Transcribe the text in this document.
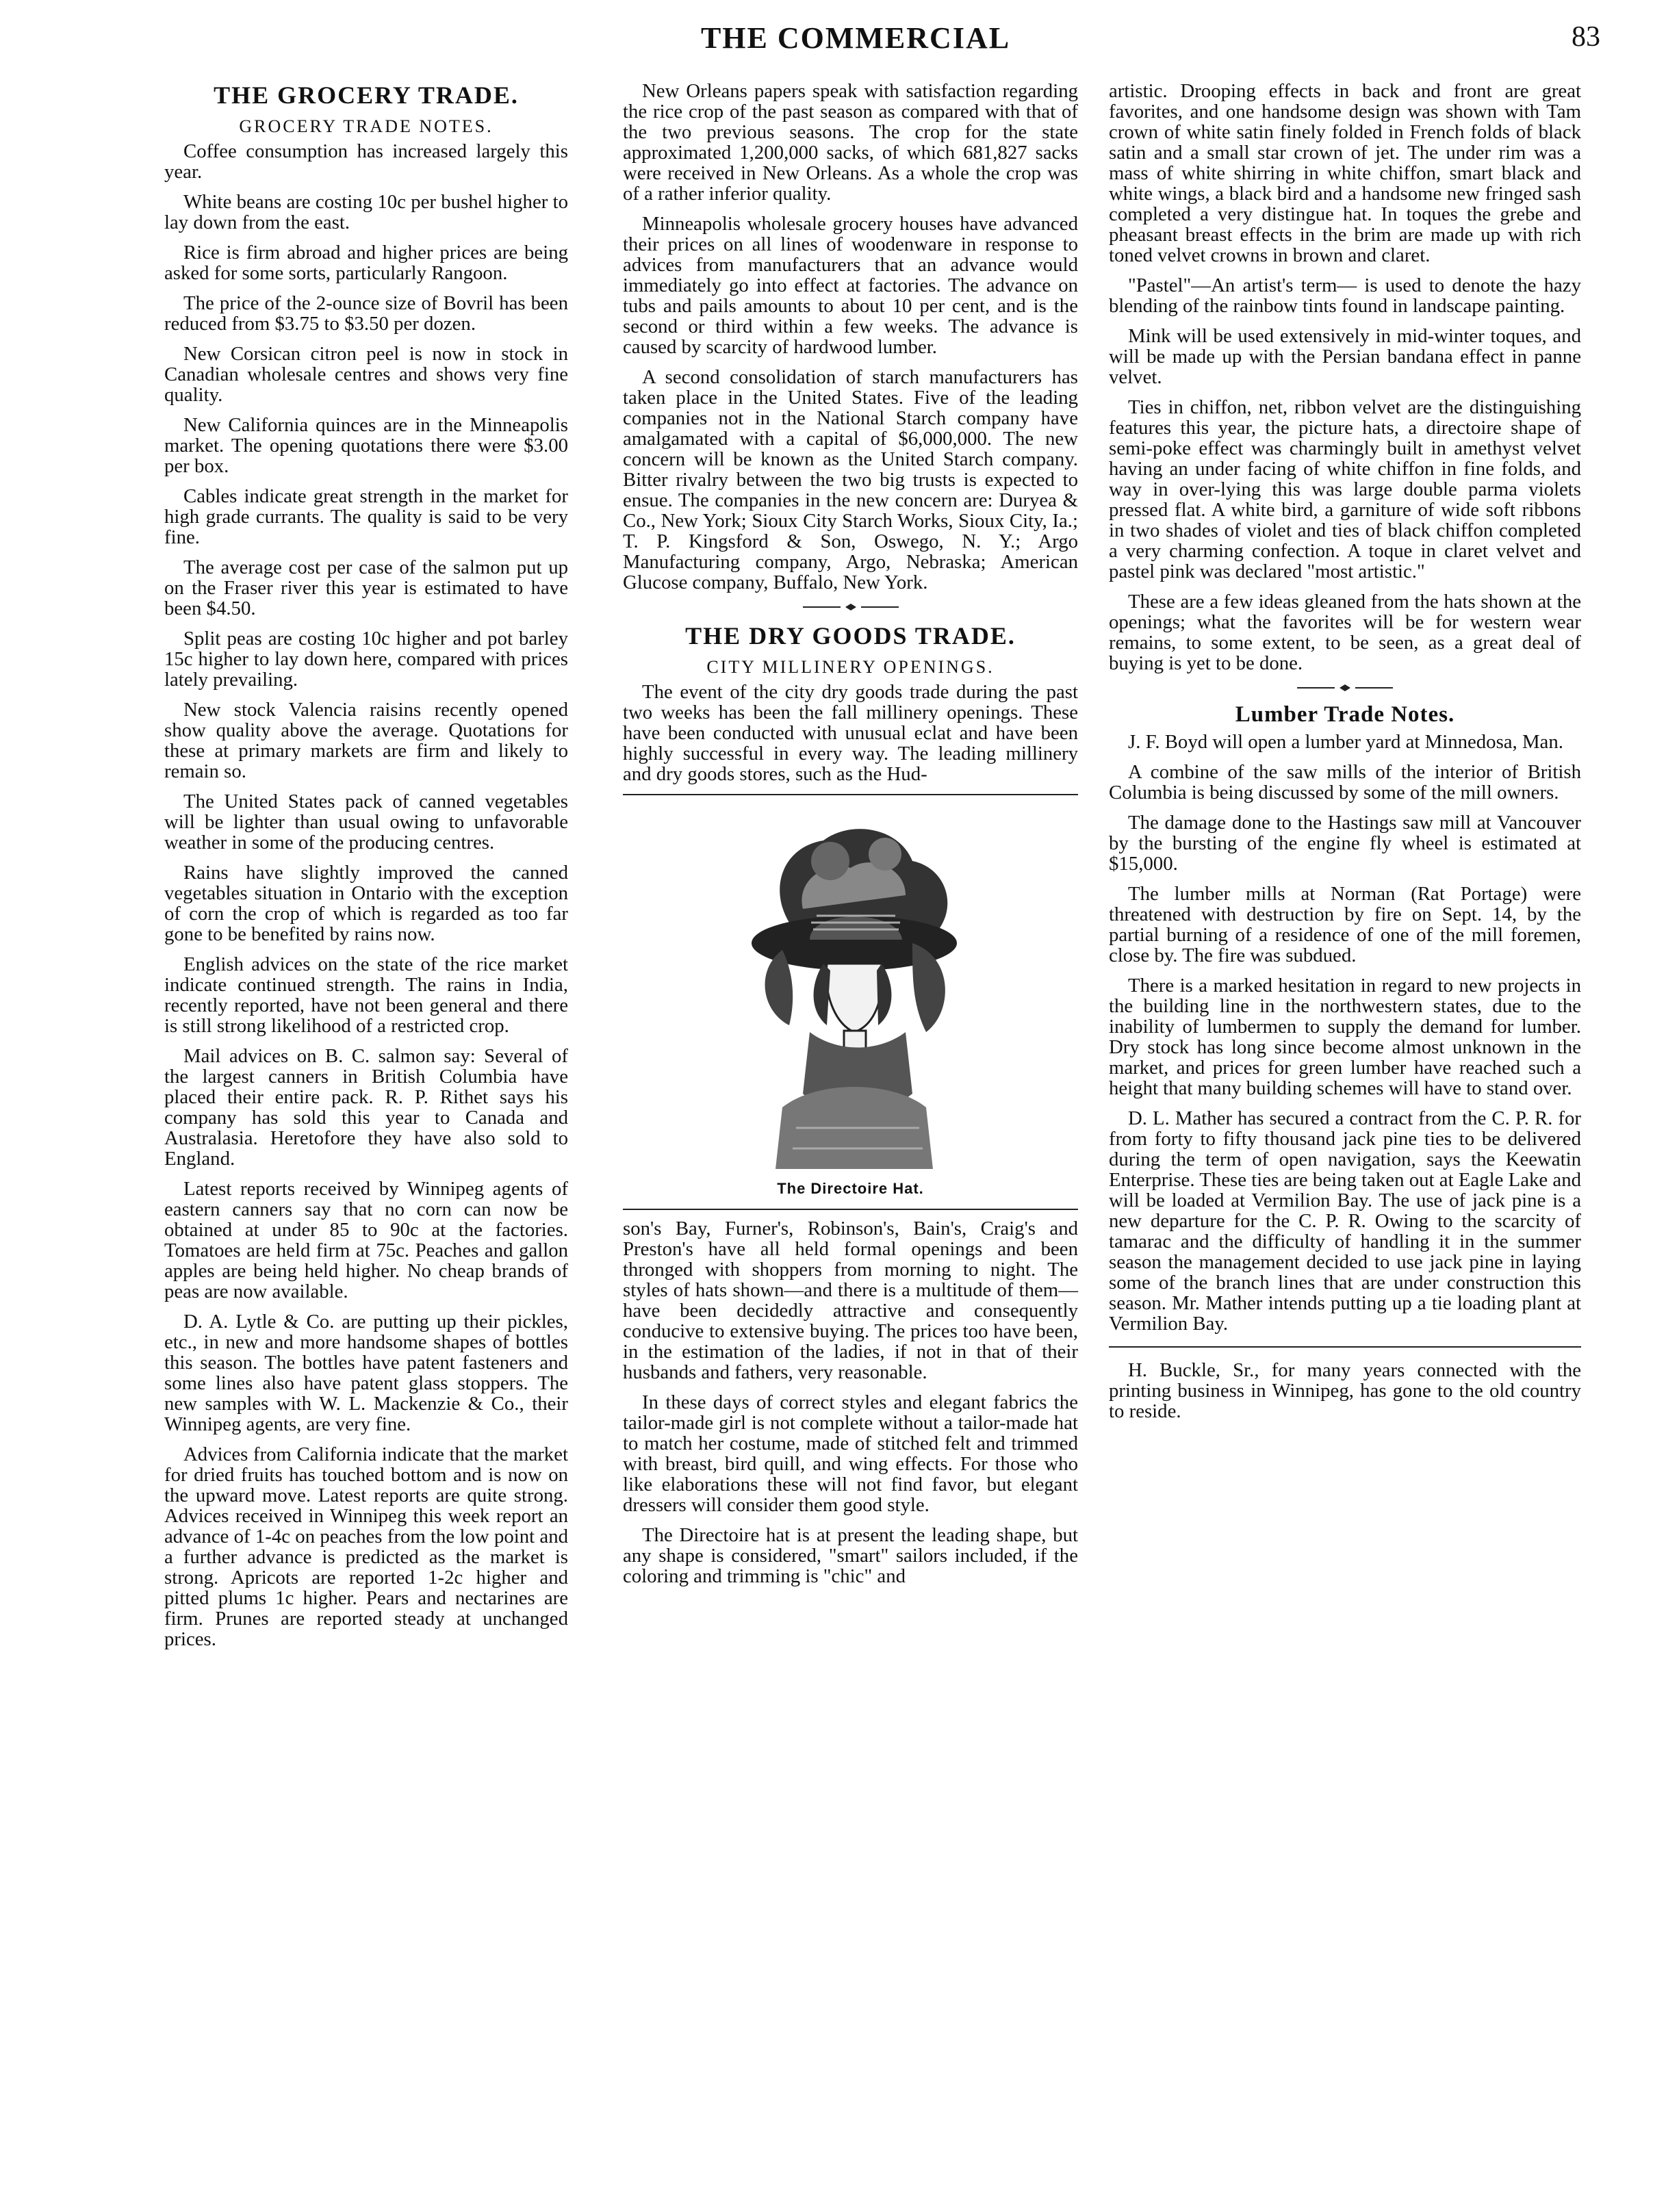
THE COMMERCIAL	83
THE GROCERY TRADE.
GROCERY TRADE NOTES.

Coffee consumption has increased largely this year.

White beans are costing 10c per bushel higher to lay down from the east.

Rice is firm abroad and higher prices are being asked for some sorts, particularly Rangoon.

The price of the 2-ounce size of Bovril has been reduced from $3.75 to $3.50 per dozen.

New Corsican citron peel is now in stock in Canadian wholesale centres and shows very fine quality.

New California quinces are in the Minneapolis market. The opening quotations there were $3.00 per box.

Cables indicate great strength in the market for high grade currants. The quality is said to be very fine.

The average cost per case of the salmon put up on the Fraser river this year is estimated to have been $4.50.

Split peas are costing 10c higher and pot barley 15c higher to lay down here, compared with prices lately prevailing.

New stock Valencia raisins recently opened show quality above the average. Quotations for these at primary markets are firm and likely to remain so.

The United States pack of canned vegetables will be lighter than usual owing to unfavorable weather in some of the producing centres.

Rains have slightly improved the canned vegetables situation in Ontario with the exception of corn the crop of which is regarded as too far gone to be benefited by rains now.

English advices on the state of the rice market indicate continued strength. The rains in India, recently reported, have not been general and there is still strong likelihood of a restricted crop.

Mail advices on B. C. salmon say: Several of the largest canners in British Columbia have placed their entire pack. R. P. Rithet says his company has sold this year to Canada and Australasia. Heretofore they have also sold to England.

Latest reports received by Winnipeg agents of eastern canners say that no corn can now be obtained at under 85 to 90c at the factories. Tomatoes are held firm at 75c. Peaches and gallon apples are being held higher. No cheap brands of peas are now available.

D. A. Lytle & Co. are putting up their pickles, etc., in new and more handsome shapes of bottles this season. The bottles have patent fasteners and some lines also have patent glass stoppers. The new samples with W. L. Mackenzie & Co., their Winnipeg agents, are very fine.

Advices from California indicate that the market for dried fruits has touched bottom and is now on the upward move. Latest reports are quite strong. Advices received in Winnipeg this week report an advance of 1-4c on peaches from the low point and a further advance is predicted as the market is strong. Apricots are reported 1-2c higher and pitted plums 1c higher. Pears and nectarines are firm. Prunes are reported steady at unchanged prices.

New Orleans papers speak with satisfaction regarding the rice crop of the past season as compared with that of the two previous seasons. The crop for the state approximated 1,200,000 sacks, of which 681,827 sacks were received in New Orleans. As a whole the crop was of a rather inferior quality.

Minneapolis wholesale grocery houses have advanced their prices on all lines of woodenware in response to advices from manufacturers that an advance would immediately go into effect at factories. The advance on tubs and pails amounts to about 10 per cent, and is the second or third within a few weeks. The advance is caused by scarcity of hardwood lumber.

A second consolidation of starch manufacturers has taken place in the United States. Five of the leading companies not in the National Starch company have amalgamated with a capital of $6,000,000. The new concern will be known as the United Starch company. Bitter rivalry between the two big trusts is expected to ensue. The companies in the new concern are: Duryea & Co., New York; Sioux City Starch Works, Sioux City, Ia.; T. P. Kingsford & Son, Oswego, N. Y.; Argo Manufacturing company, Argo, Nebraska; American Glucose company, Buffalo, New York.

THE DRY GOODS TRADE.
CITY MILLINERY OPENINGS.

The event of the city dry goods trade during the past two weeks has been the fall millinery openings. These have been conducted with unusual eclat and have been highly successful in every way. The leading millinery and dry goods stores, such as the Hud-

The Directoire Hat.

son's Bay, Furner's, Robinson's, Bain's, Craig's and Preston's have all held formal openings and been thronged with shoppers from morning to night. The styles of hats shown—and there is a multitude of them—have been decidedly attractive and consequently conducive to extensive buying. The prices too have been, in the estimation of the ladies, if not in that of their husbands and fathers, very reasonable.

In these days of correct styles and elegant fabrics the tailor-made girl is not complete without a tailor-made hat to match her costume, made of stitched felt and trimmed with breast, bird quill, and wing effects. For those who like elaborations these will not find favor, but elegant dressers will consider them good style.

The Directoire hat is at present the leading shape, but any shape is considered, "smart" sailors included, if the coloring and trimming is "chic" and

artistic. Drooping effects in back and front are great favorites, and one handsome design was shown with Tam crown of white satin finely folded in French folds of black satin and a small star crown of jet. The under rim was a mass of white shirring in white chiffon, smart black and white wings, a black bird and a handsome new fringed sash completed a very distingue hat. In toques the grebe and pheasant breast effects in the brim are made up with rich toned velvet crowns in brown and claret.

"Pastel"—An artist's term— is used to denote the hazy blending of the rainbow tints found in landscape painting.

Mink will be used extensively in mid-winter toques, and will be made up with the Persian bandana effect in panne velvet.

Ties in chiffon, net, ribbon velvet are the distinguishing features this year, the picture hats, a directoire shape of semi-poke effect was charmingly built in amethyst velvet having an under facing of white chiffon in fine folds, and way in over-lying this was large double parma violets pressed flat. A white bird, a garniture of wide soft ribbons in two shades of violet and ties of black chiffon completed a very charming confection. A toque in claret velvet and pastel pink was declared "most artistic."

These are a few ideas gleaned from the hats shown at the openings; what the favorites will be for western wear remains, to some extent, to be seen, as a great deal of buying is yet to be done.

Lumber Trade Notes.

J. F. Boyd will open a lumber yard at Minnedosa, Man.

A combine of the saw mills of the interior of British Columbia is being discussed by some of the mill owners.

The damage done to the Hastings saw mill at Vancouver by the bursting of the engine fly wheel is estimated at $15,000.

The lumber mills at Norman (Rat Portage) were threatened with destruction by fire on Sept. 14, by the partial burning of a residence of one of the mill foremen, close by. The fire was subdued.

There is a marked hesitation in regard to new projects in the building line in the northwestern states, due to the inability of lumbermen to supply the demand for lumber. Dry stock has long since become almost unknown in the market, and prices for green lumber have reached such a height that many building schemes will have to stand over.

D. L. Mather has secured a contract from the C. P. R. for from forty to fifty thousand jack pine ties to be delivered during the term of open navigation, says the Keewatin Enterprise. These ties are being taken out at Eagle Lake and will be loaded at Vermilion Bay. The use of jack pine is a new departure for the C. P. R. Owing to the scarcity of tamarac and the difficulty of handling it in the summer season the management decided to use jack pine in laying some of the branch lines that are under construction this season. Mr. Mather intends putting up a tie loading plant at Vermilion Bay.

H. Buckle, Sr., for many years connected with the printing business in Winnipeg, has gone to the old country to reside.
